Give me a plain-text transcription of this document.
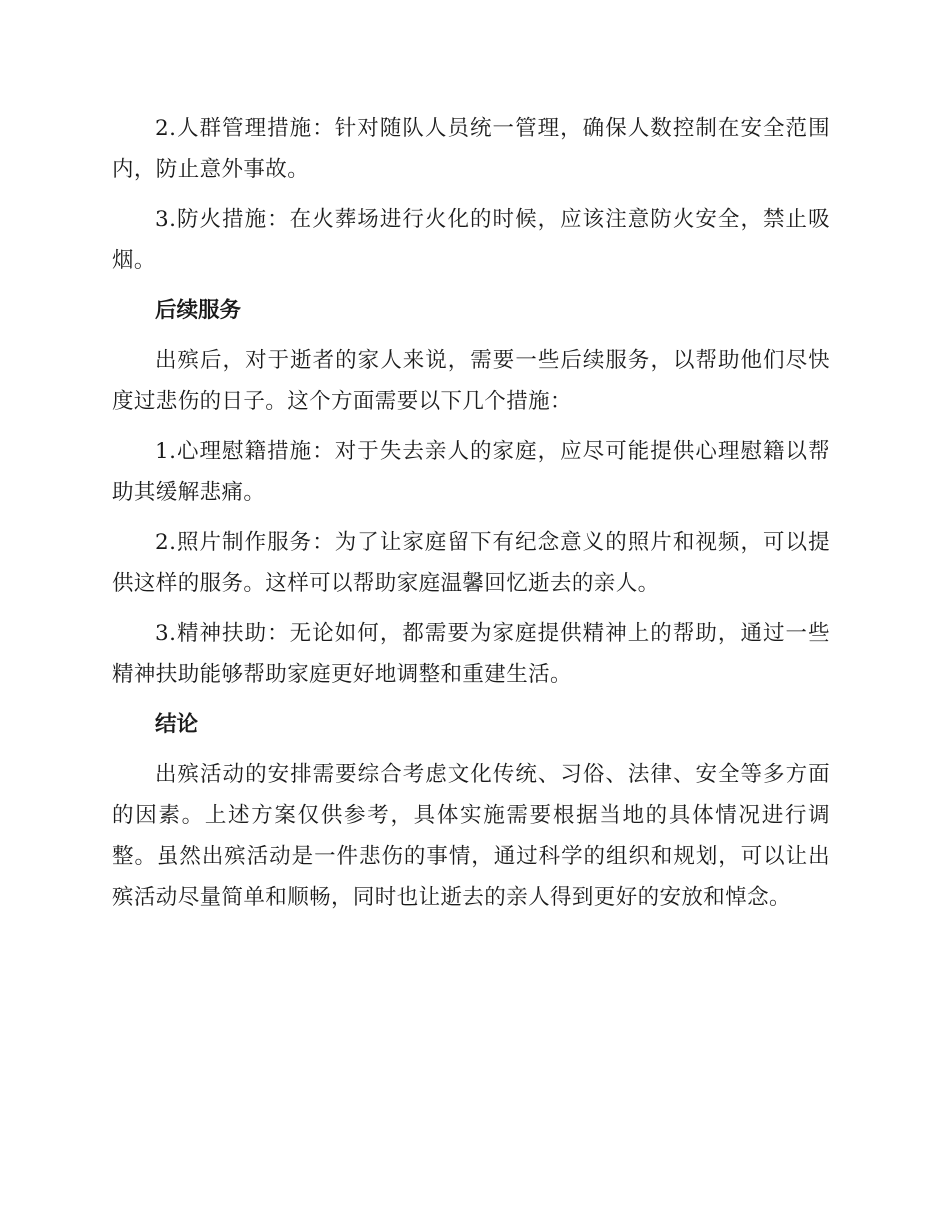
2.人群管理措施：针对随队人员统一管理，确保人数控制在安全范围内，防止意外事故。

3.防火措施：在火葬场进行火化的时候，应该注意防火安全，禁止吸烟。

后续服务

出殡后，对于逝者的家人来说，需要一些后续服务，以帮助他们尽快度过悲伤的日子。这个方面需要以下几个措施：

1.心理慰籍措施：对于失去亲人的家庭，应尽可能提供心理慰籍以帮助其缓解悲痛。

2.照片制作服务：为了让家庭留下有纪念意义的照片和视频，可以提供这样的服务。这样可以帮助家庭温馨回忆逝去的亲人。

3.精神扶助：无论如何，都需要为家庭提供精神上的帮助，通过一些精神扶助能够帮助家庭更好地调整和重建生活。

结论

出殡活动的安排需要综合考虑文化传统、习俗、法律、安全等多方面的因素。上述方案仅供参考，具体实施需要根据当地的具体情况进行调整。虽然出殡活动是一件悲伤的事情，通过科学的组织和规划，可以让出殡活动尽量简单和顺畅，同时也让逝去的亲人得到更好的安放和悼念。
